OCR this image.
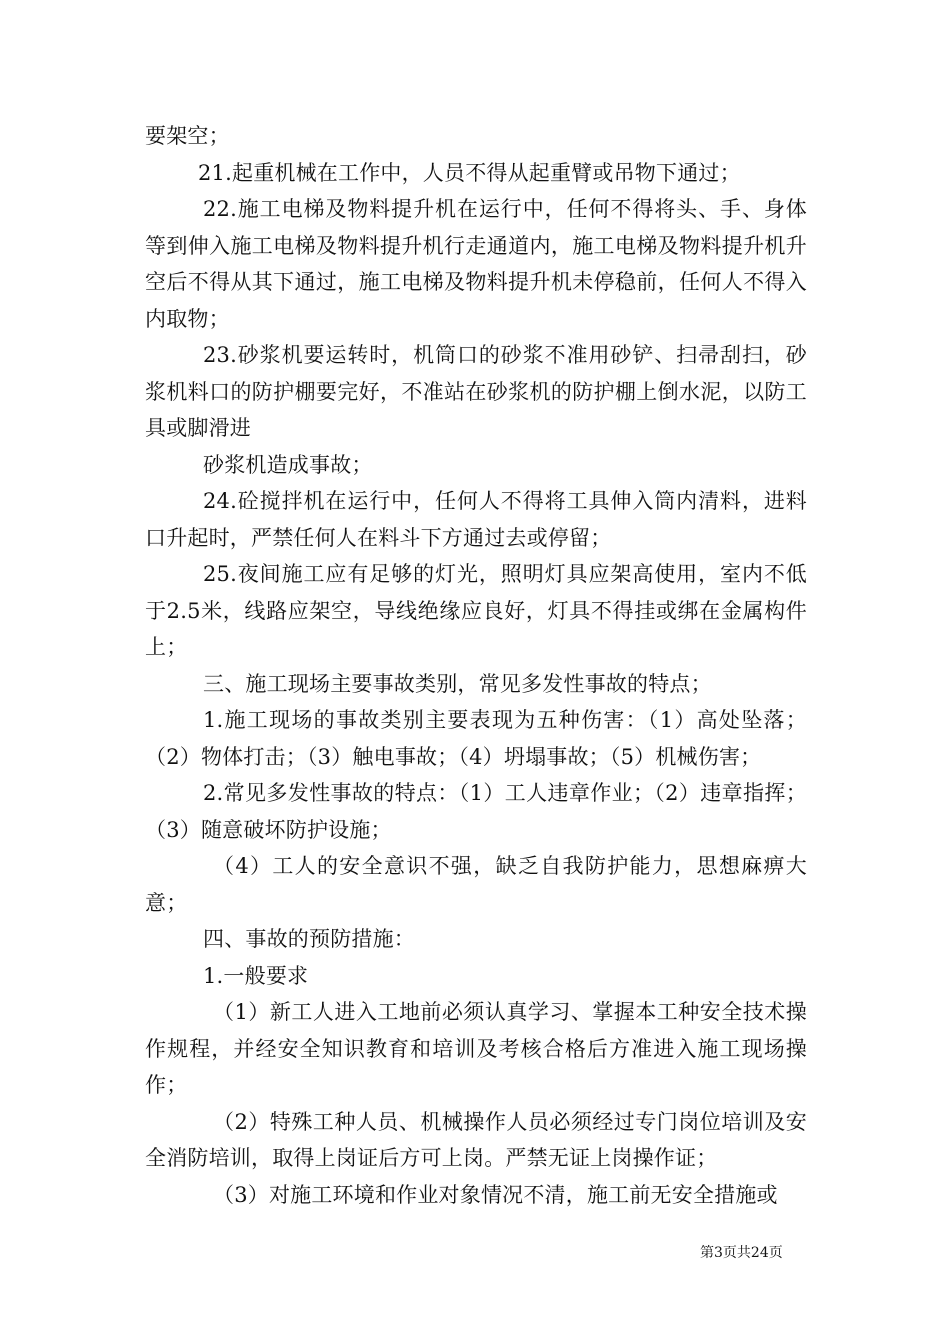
要架空；

21.起重机械在工作中，人员不得从起重臂或吊物下通过；

22.施工电梯及物料提升机在运行中，任何不得将头、手、身体等到伸入施工电梯及物料提升机行走通道内，施工电梯及物料提升机升空后不得从其下通过，施工电梯及物料提升机未停稳前，任何人不得入内取物；

23.砂浆机要运转时，机筒口的砂浆不准用砂铲、扫帚刮扫，砂浆机料口的防护棚要完好，不准站在砂浆机的防护棚上倒水泥，以防工具或脚滑进

砂浆机造成事故；

24.砼搅拌机在运行中，任何人不得将工具伸入筒内清料，进料口升起时，严禁任何人在料斗下方通过去或停留；

25.夜间施工应有足够的灯光，照明灯具应架高使用，室内不低于2.5米，线路应架空，导线绝缘应良好，灯具不得挂或绑在金属构件上；

三、施工现场主要事故类别，常见多发性事故的特点；

1.施工现场的事故类别主要表现为五种伤害：（1）高处坠落；（2）物体打击；（3）触电事故；（4）坍塌事故；（5）机械伤害；

2.常见多发性事故的特点：（1）工人违章作业；（2）违章指挥；（3）随意破坏防护设施；

（4）工人的安全意识不强，缺乏自我防护能力，思想麻痹大意；

四、事故的预防措施：

1.一般要求

（1）新工人进入工地前必须认真学习、掌握本工种安全技术操作规程，并经安全知识教育和培训及考核合格后方准进入施工现场操作；

（2）特殊工种人员、机械操作人员必须经过专门岗位培训及安全消防培训，取得上岗证后方可上岗。严禁无证上岗操作证；

（3）对施工环境和作业对象情况不清，施工前无安全措施或

第3页共24页
